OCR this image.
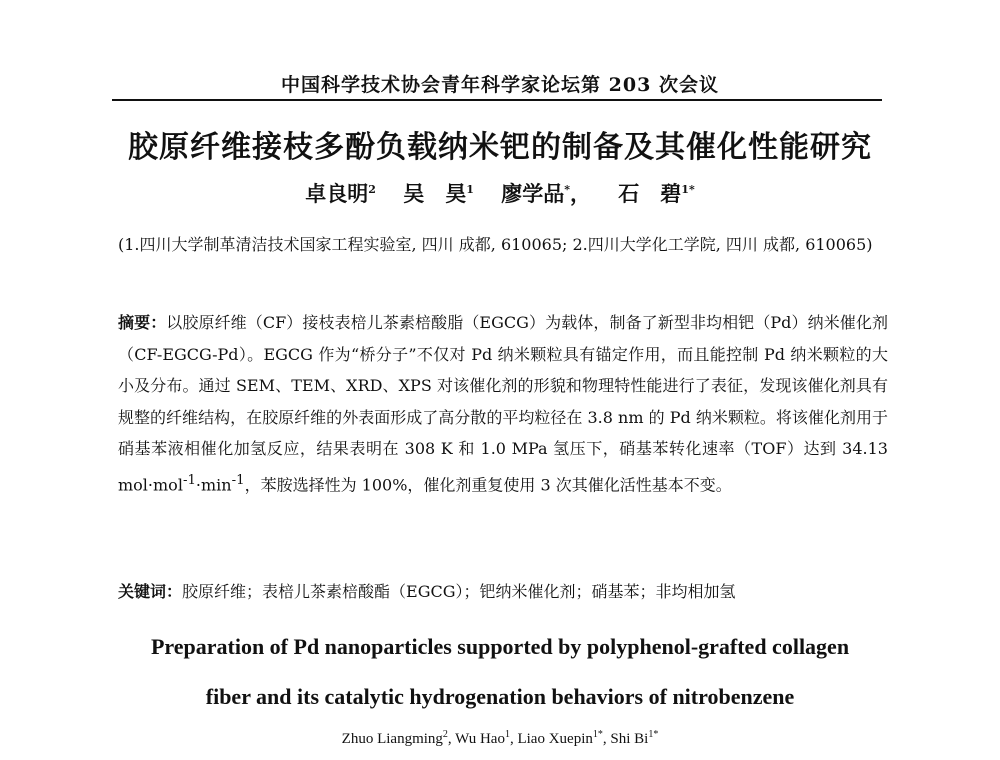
中国科学技术协会青年科学家论坛第 203 次会议
胶原纤维接枝多酚负载纳米钯的制备及其催化性能研究
卓良明$^2$ 吴　昊$^1$ 廖学品*， 石　碧$^{1*}$
(1.四川大学制革清洁技术国家工程实验室, 四川 成都, 610065; 2.四川大学化工学院, 四川 成都, 610065)
摘要：以胶原纤维（CF）接枝表棓儿茶素棓酸脂（EGCG）为载体，制备了新型非均相钯（Pd）纳米催化剂（CF-EGCG-Pd）。EGCG 作为“桥分子”不仅对 Pd 纳米颗粒具有锚定作用，而且能控制 Pd 纳米颗粒的大小及分布。通过 SEM、TEM、XRD、XPS 对该催化剂的形貌和物理特性能进行了表征，发现该催化剂具有规整的纤维结构，在胶原纤维的外表面形成了高分散的平均粒径在 3.8 nm 的 Pd 纳米颗粒。将该催化剂用于硝基苯液相催化加氢反应，结果表明在 308 K 和 1.0 MPa 氢压下，硝基苯转化速率（TOF）达到 34.13 $mol\cdot mol^{-1}\cdot\min^{-1}$，苯胺选择性为 100%，催化剂重复使用 3 次其催化活性基本不变。
关键词：胶原纤维；表棓儿茶素棓酸酯（EGCG）；钯纳米催化剂；硝基苯；非均相加氢
Preparation of Pd nanoparticles supported by polyphenol-grafted collagen
fiber and its catalytic hydrogenation behaviors of nitrobenzene
Zhuo Liangming$^2$, Wu Hao$^1$, Liao Xuepin$^{1*}$, Shi $Bi^{1*}$
